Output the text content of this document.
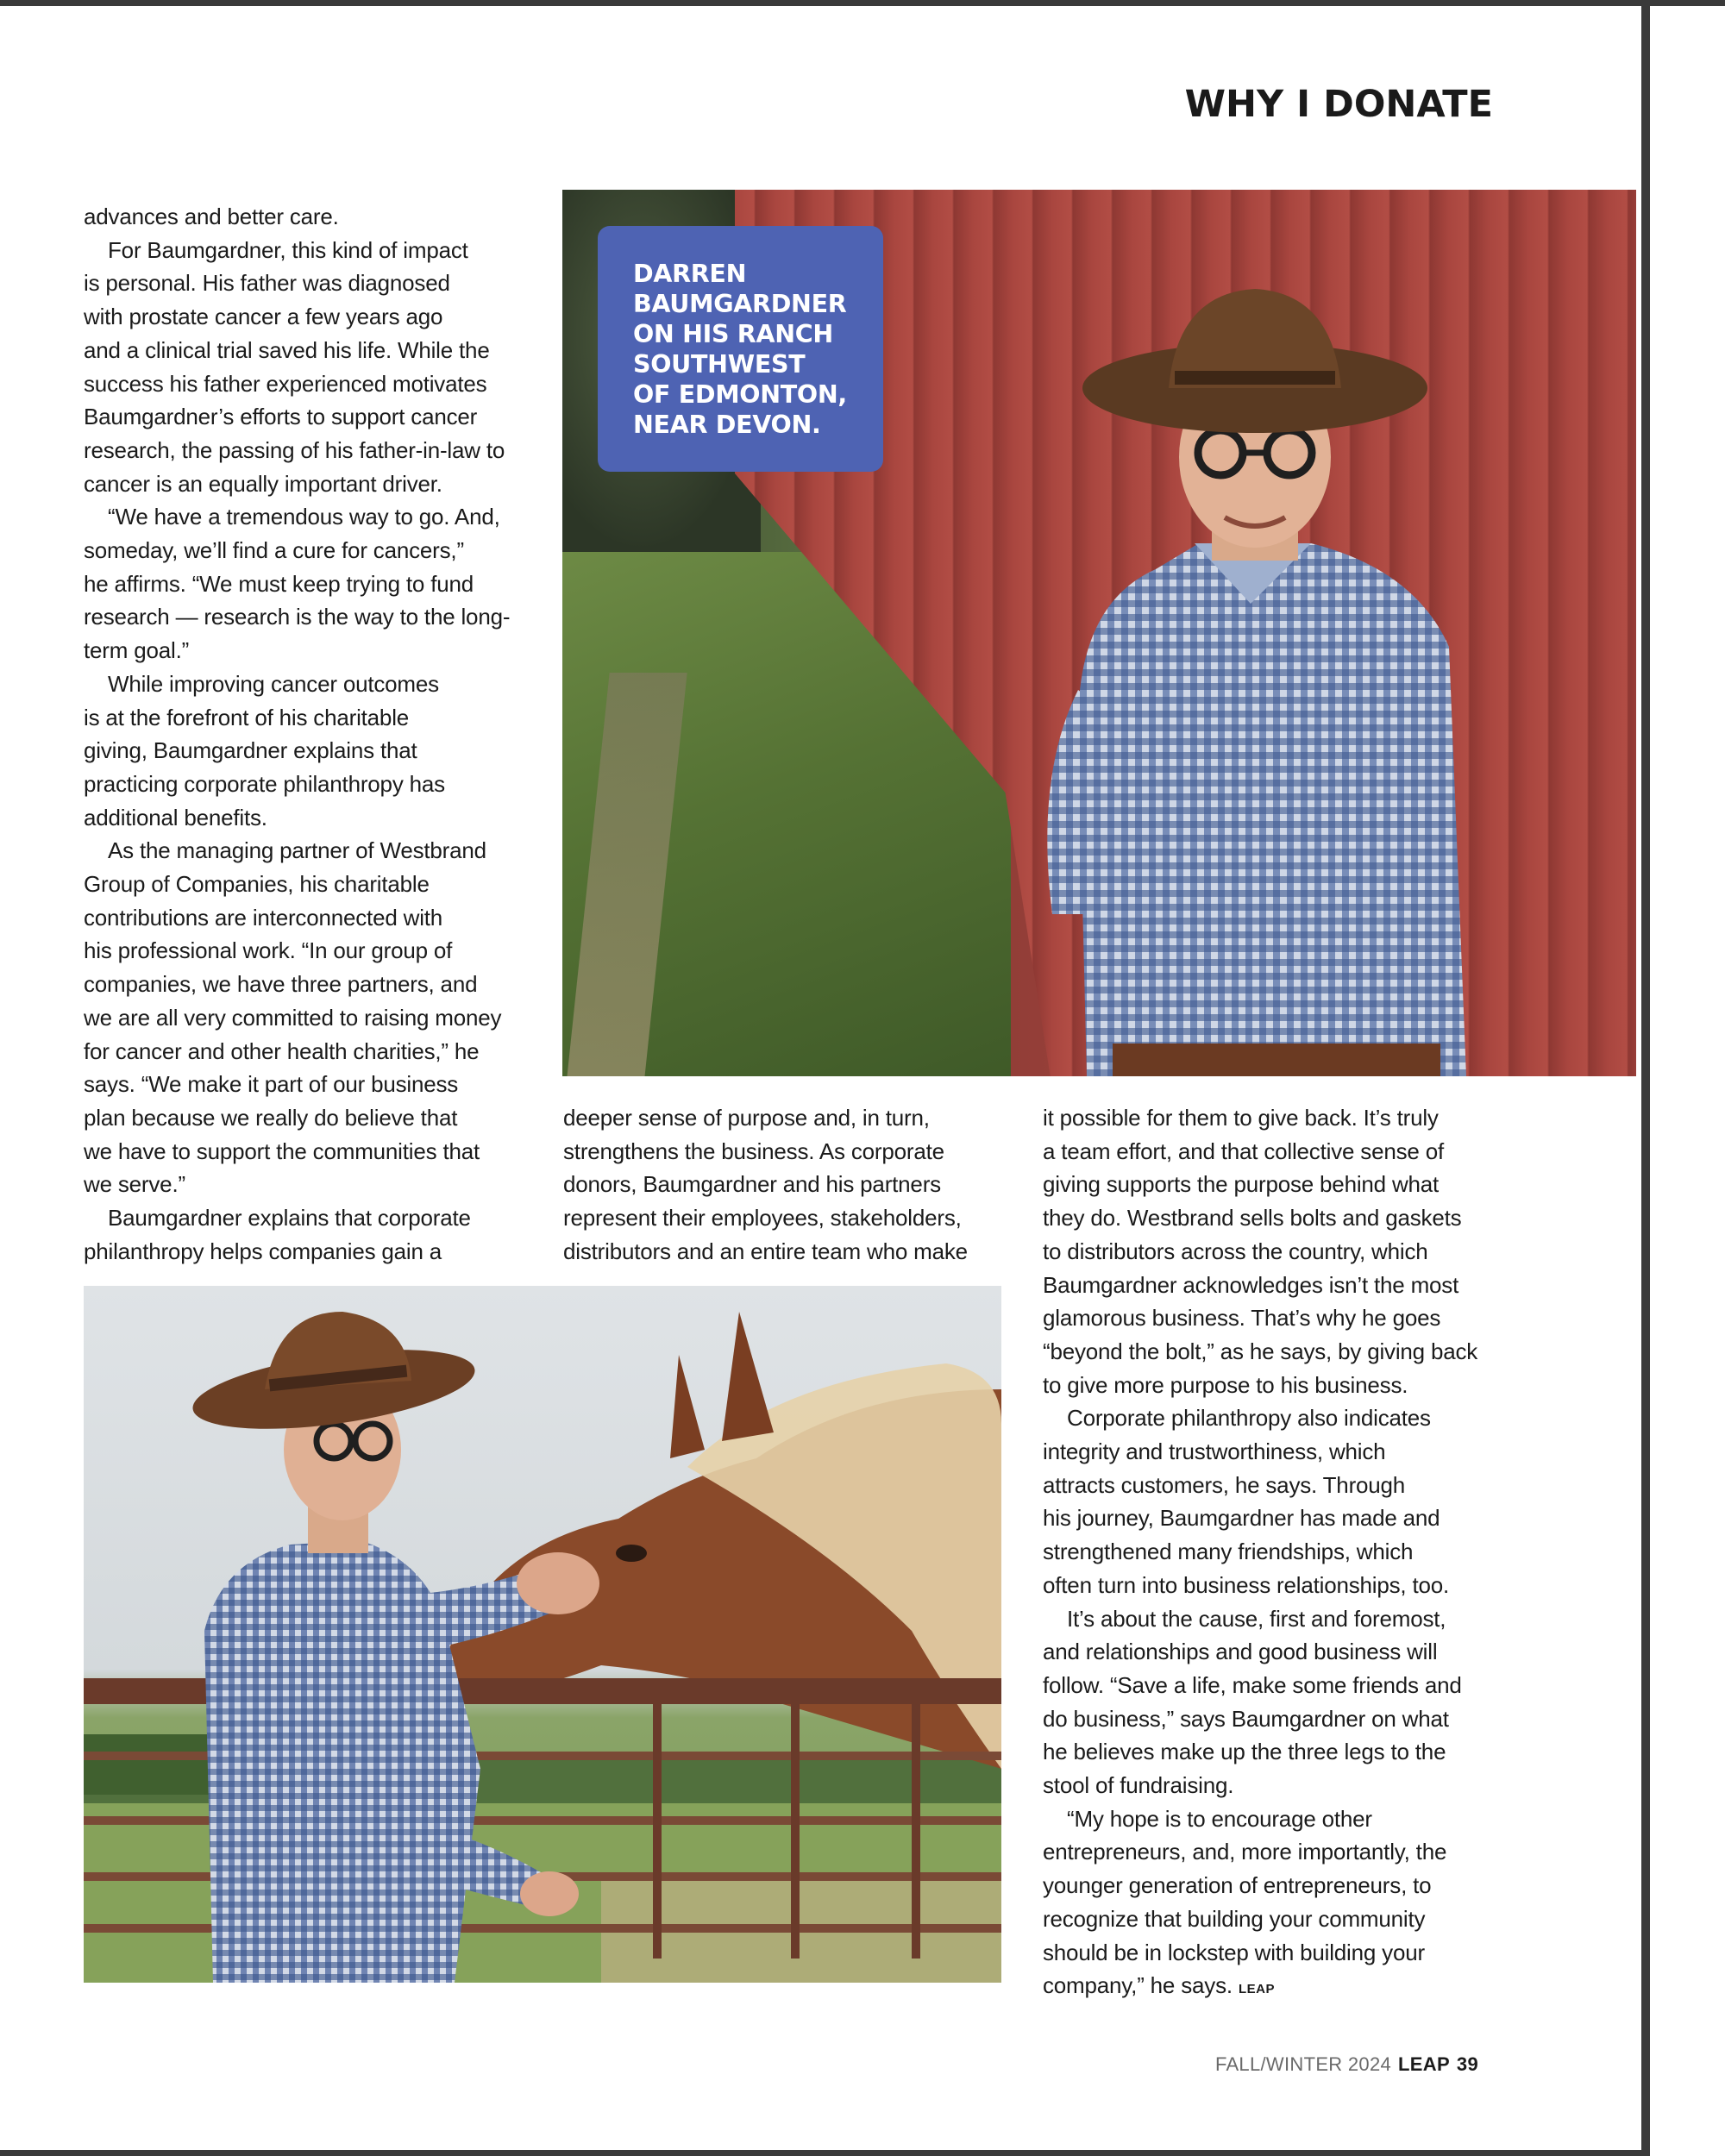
WHY I DONATE
DARREN
BAUMGARDNER
ON HIS RANCH
SOUTHWEST
OF EDMONTON,
NEAR DEVON.

advances and better care.

For Baumgardner, this kind of impact

is personal. His father was diagnosed

with prostate cancer a few years ago

and a clinical trial saved his life. While the

success his father experienced motivates

Baumgardner’s efforts to support cancer

research, the passing of his father-in-law to

cancer is an equally important driver.

“We have a tremendous way to go. And,

someday, we’ll find a cure for cancers,”

he affirms. “We must keep trying to fund

research — research is the way to the long-

term goal.”

While improving cancer outcomes

is at the forefront of his charitable

giving, Baumgardner explains that

practicing corporate philanthropy has

additional benefits.

As the managing partner of Westbrand

Group of Companies, his charitable

contributions are interconnected with

his professional work. “In our group of

companies, we have three partners, and

we are all very committed to raising money

for cancer and other health charities,” he

says. “We make it part of our business

plan because we really do believe that

we have to support the communities that

we serve.”

Baumgardner explains that corporate

philanthropy helps companies gain a

deeper sense of purpose and, in turn,

strengthens the business. As corporate

donors, Baumgardner and his partners

represent their employees, stakeholders,

distributors and an entire team who make

it possible for them to give back. It’s truly

a team effort, and that collective sense of

giving supports the purpose behind what

they do. Westbrand sells bolts and gaskets

to distributors across the country, which

Baumgardner acknowledges isn’t the most

glamorous business. That’s why he goes

“beyond the bolt,” as he says, by giving back

to give more purpose to his business.

Corporate philanthropy also indicates

integrity and trustworthiness, which

attracts customers, he says. Through

his journey, Baumgardner has made and

strengthened many friendships, which

often turn into business relationships, too.

It’s about the cause, first and foremost,

and relationships and good business will

follow. “Save a life, make some friends and

do business,” says Baumgardner on what

he believes make up the three legs to the

stool of fundraising.

“My hope is to encourage other

entrepreneurs, and, more importantly, the

younger generation of entrepreneurs, to

recognize that building your community

should be in lockstep with building your

company,” he says. LEAP

FALL/WINTER 2024 LEAP 39
